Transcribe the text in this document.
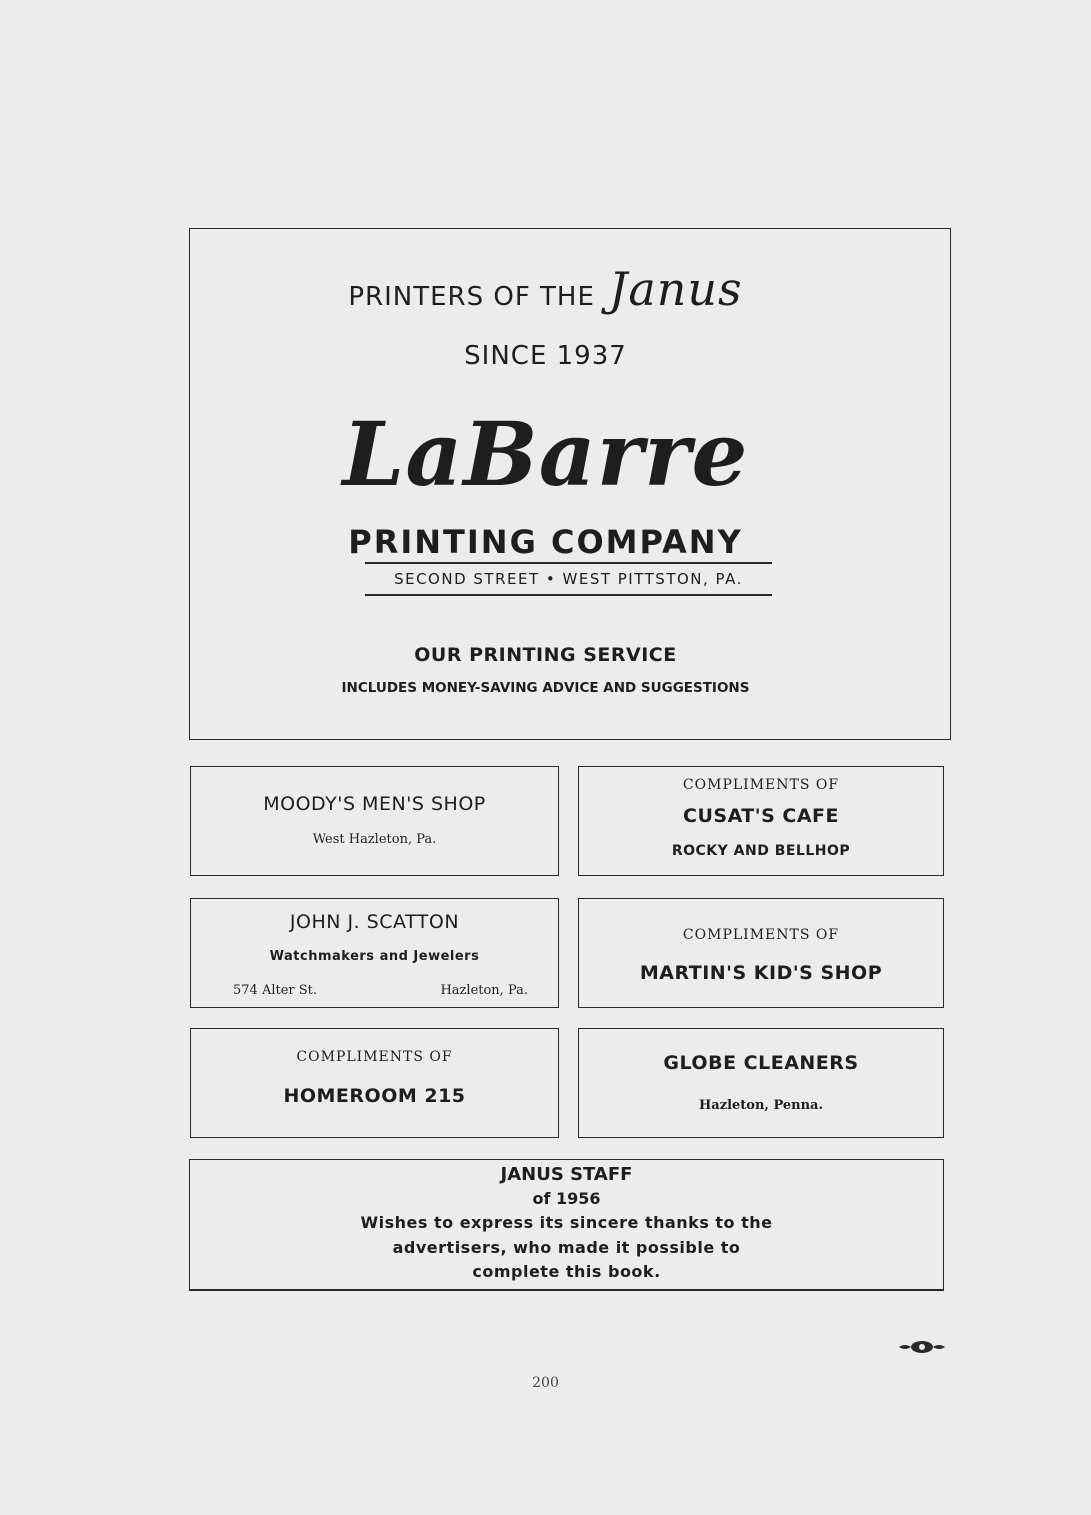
PRINTERS OF THE Janus
SINCE 1937
LaBarre
PRINTING COMPANY
SECOND STREET • WEST PITTSTON, PA.
OUR PRINTING SERVICE
INCLUDES MONEY-SAVING ADVICE AND SUGGESTIONS
MOODY'S MEN'S SHOP
West Hazleton, Pa.
COMPLIMENTS OF
CUSAT'S CAFE
ROCKY AND BELLHOP
JOHN J. SCATTON
Watchmakers and Jewelers
574 Alter St.	Hazleton, Pa.
COMPLIMENTS OF
MARTIN'S KID'S SHOP
COMPLIMENTS OF
HOMEROOM 215
GLOBE CLEANERS
Hazleton, Penna.
JANUS STAFF
of 1956
Wishes to express its sincere thanks to the
advertisers, who made it possible to
complete this book.
200
